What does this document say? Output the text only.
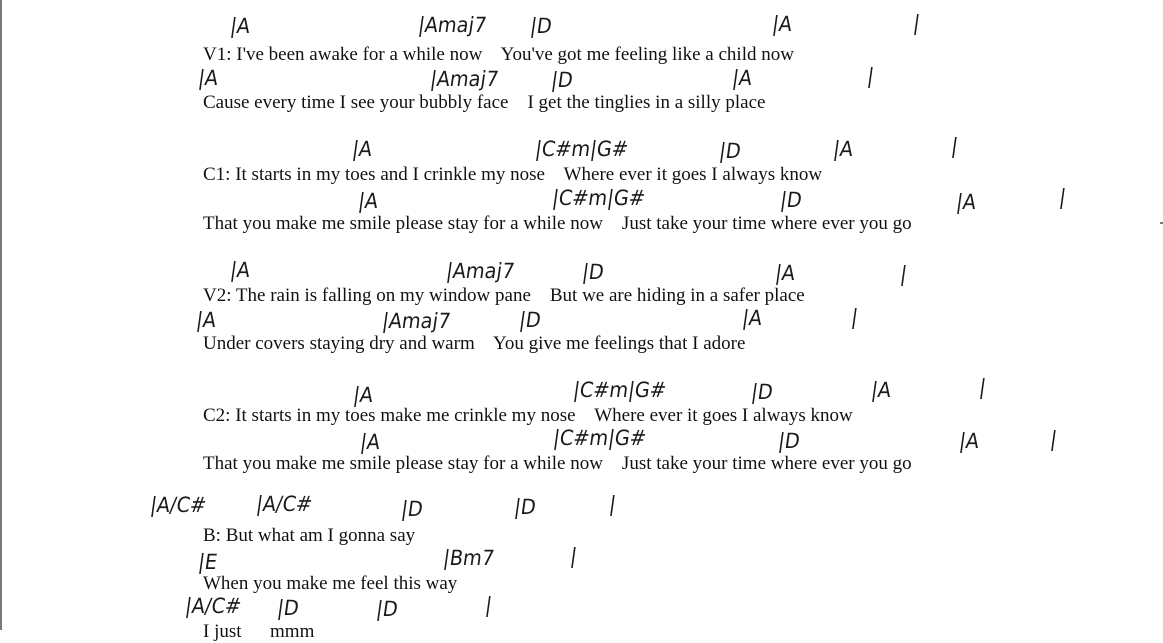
|A	|Amaj7 |D	|A	|
V1: I've been awake for a while now    You've got me feeling like a child now
|A	|Amaj7 |D	|A	|
Cause every time I see your bubbly face    I get the tinglies in a silly place
|A	|C#m|G#	|D	|A	|
C1: It starts in my toes and I crinkle my nose    Where ever it goes I always know
|A	|C#m|G#	|D	|A	|
That you make me smile please stay for a while now    Just take your time where ever you go
|A	|Amaj7	|D	|A	|
V2: The rain is falling on my window pane    But we are hiding in a safer place
|A	|Amaj7	|D	|A	|
Under covers staying dry and warm    You give me feelings that I adore
|A	|C#m|G#	|D	|A	|
C2: It starts in my toes make me crinkle my nose    Where ever it goes I always know
|A	|C#m|G#	|D	|A	|
That you make me smile please stay for a while now    Just take your time where ever you go
|A/C# |A/C#	|D	|D	|
B: But what am I gonna say
|E	|Bm7	|
When you make me feel this way
|A/C# |D	|D	|
I just      mmm
